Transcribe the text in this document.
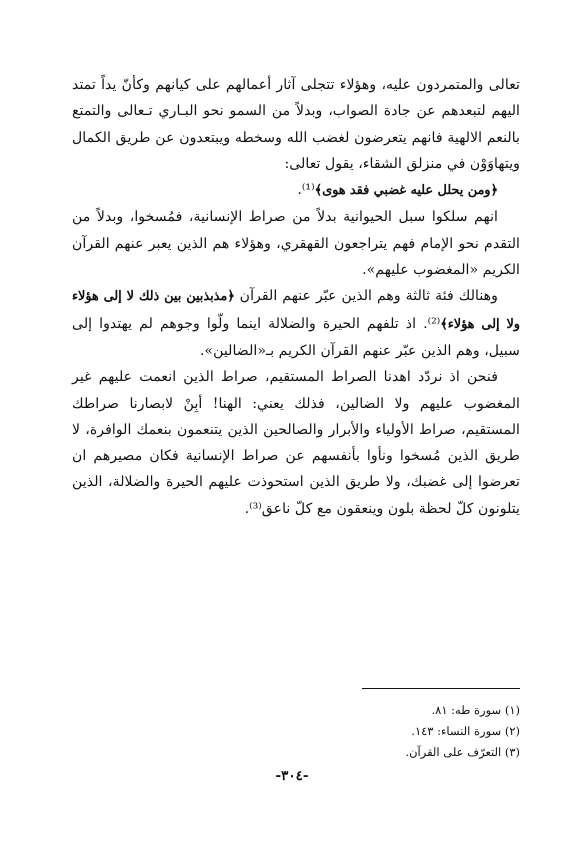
تعالى والمتمردون عليه، وهؤلاء تتجلى آثار أعمالهم على كيانهم وكأنّ يداً تمتد اليهم لتبعدهم عن جادة الصواب، وبدلاً من السمو نحو البـاري تـعالى والتمتع بالنعم الالهية فانهم يتعرضون لغضب الله وسخطه ويبتعدون عن طريق الكمال ويتهاوَوْن في منزلق الشقاء، يقول تعالى:

﴿ومن يحلل عليه غضبي فقد هوى﴾⁽¹⁾.

انهم سلكوا سبل الحيوانية بدلاً من صراط الإنسانية، فمُسخوا، وبدلاً من التقدم نحو الإمام فهم يتراجعون القهقري، وهؤلاء هم الذين يعبر عنهم القرآن الكريم «المغضوب عليهم».

وهنالك فئة ثالثة وهم الذين عبّر عنهم القرآن ﴿مذبذبين بين ذلك لا إلى هؤلاء ولا إلى هؤلاء﴾⁽²⁾. اذ تلفهم الحيرة والضلالة اينما ولّوا وجوهم لم يهتدوا إلى سبيل، وهم الذين عبّر عنهم القرآن الكريم بـ«الضالين».

فنحن اذ نردّد اهدنا الصراط المستقيم، صراط الذين انعمت عليهم غير المغضوب عليهم ولا الضالين، فذلك يعني: الهنا! أبِنْ لابصارنا صراطك المستقيم، صراط الأولياء والأبرار والصالحين الذين يتنعمون بنعمك الوافرة، لا طريق الذين مُسخوا ونأوا بأنفسهم عن صراط الإنسانية فكان مصيرهم ان تعرضوا إلى غضبك، ولا طريق الذين استحوذت عليهم الحيرة والضلالة، الذين يتلونون كلّ لحظة بلون وينعقون مع كلّ ناعق⁽³⁾.

(١) سورة طه: ٨١.
(٢) سورة النساء: ١٤٣.
(٣) التعرّف على القرآن.
-٣٠٤-
